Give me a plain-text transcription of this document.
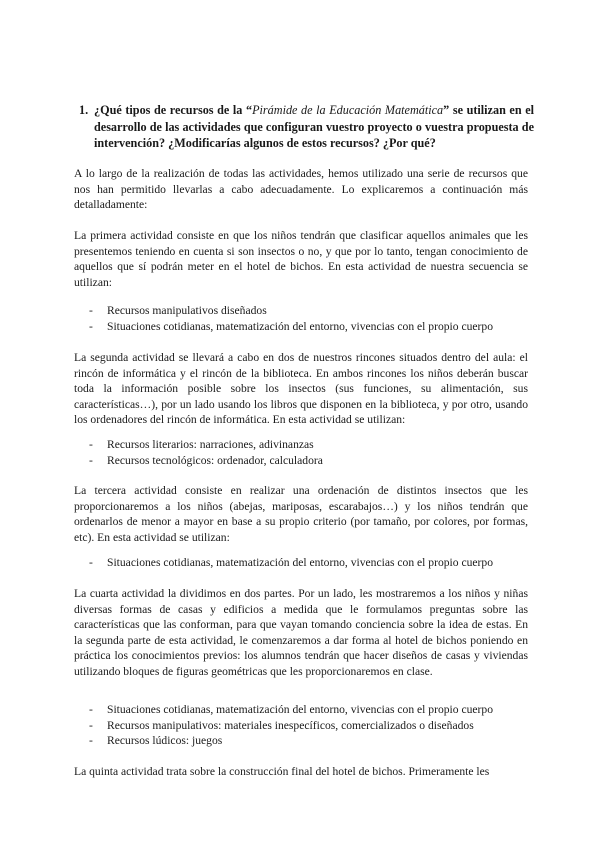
1. ¿Qué tipos de recursos de la “Pirámide de la Educación Matemática” se utilizan en el desarrollo de las actividades que configuran vuestro proyecto o vuestra propuesta de intervención? ¿Modificarías algunos de estos recursos? ¿Por qué?

A lo largo de la realización de todas las actividades, hemos utilizado una serie de recursos que nos han permitido llevarlas a cabo adecuadamente. Lo explicaremos a continuación más detalladamente:

La primera actividad consiste en que los niños tendrán que clasificar aquellos animales que les presentemos teniendo en cuenta si son insectos o no, y que por lo tanto, tengan conocimiento de aquellos que sí podrán meter en el hotel de bichos. En esta actividad de nuestra secuencia se utilizan:

- Recursos manipulativos diseñados
- Situaciones cotidianas, matematización del entorno, vivencias con el propio cuerpo

La segunda actividad se llevará a cabo en dos de nuestros rincones situados dentro del aula: el rincón de informática y el rincón de la biblioteca. En ambos rincones los niños deberán buscar toda la información posible sobre los insectos (sus funciones, su alimentación, sus características…), por un lado usando los libros que disponen en la biblioteca, y por otro, usando los ordenadores del rincón de informática. En esta actividad se utilizan:

- Recursos literarios: narraciones, adivinanzas
- Recursos tecnológicos: ordenador, calculadora

La tercera actividad consiste en realizar una ordenación de distintos insectos que les proporcionaremos a los niños (abejas, mariposas, escarabajos…) y los niños tendrán que ordenarlos de menor a mayor en base a su propio criterio (por tamaño, por colores, por formas, etc). En esta actividad se utilizan:

- Situaciones cotidianas, matematización del entorno, vivencias con el propio cuerpo

La cuarta actividad la dividimos en dos partes. Por un lado, les mostraremos a los niños y niñas diversas formas de casas y edificios a medida que le formulamos preguntas sobre las características que las conforman, para que vayan tomando conciencia sobre la idea de estas. En la segunda parte de esta actividad, le comenzaremos a dar forma al hotel de bichos poniendo en práctica los conocimientos previos: los alumnos tendrán que hacer diseños de casas y viviendas utilizando bloques de figuras geométricas que les proporcionaremos en clase.

- Situaciones cotidianas, matematización del entorno, vivencias con el propio cuerpo
- Recursos manipulativos: materiales inespecíficos, comercializados o diseñados
- Recursos lúdicos: juegos

La quinta actividad trata sobre la construcción final del hotel de bichos. Primeramente les
